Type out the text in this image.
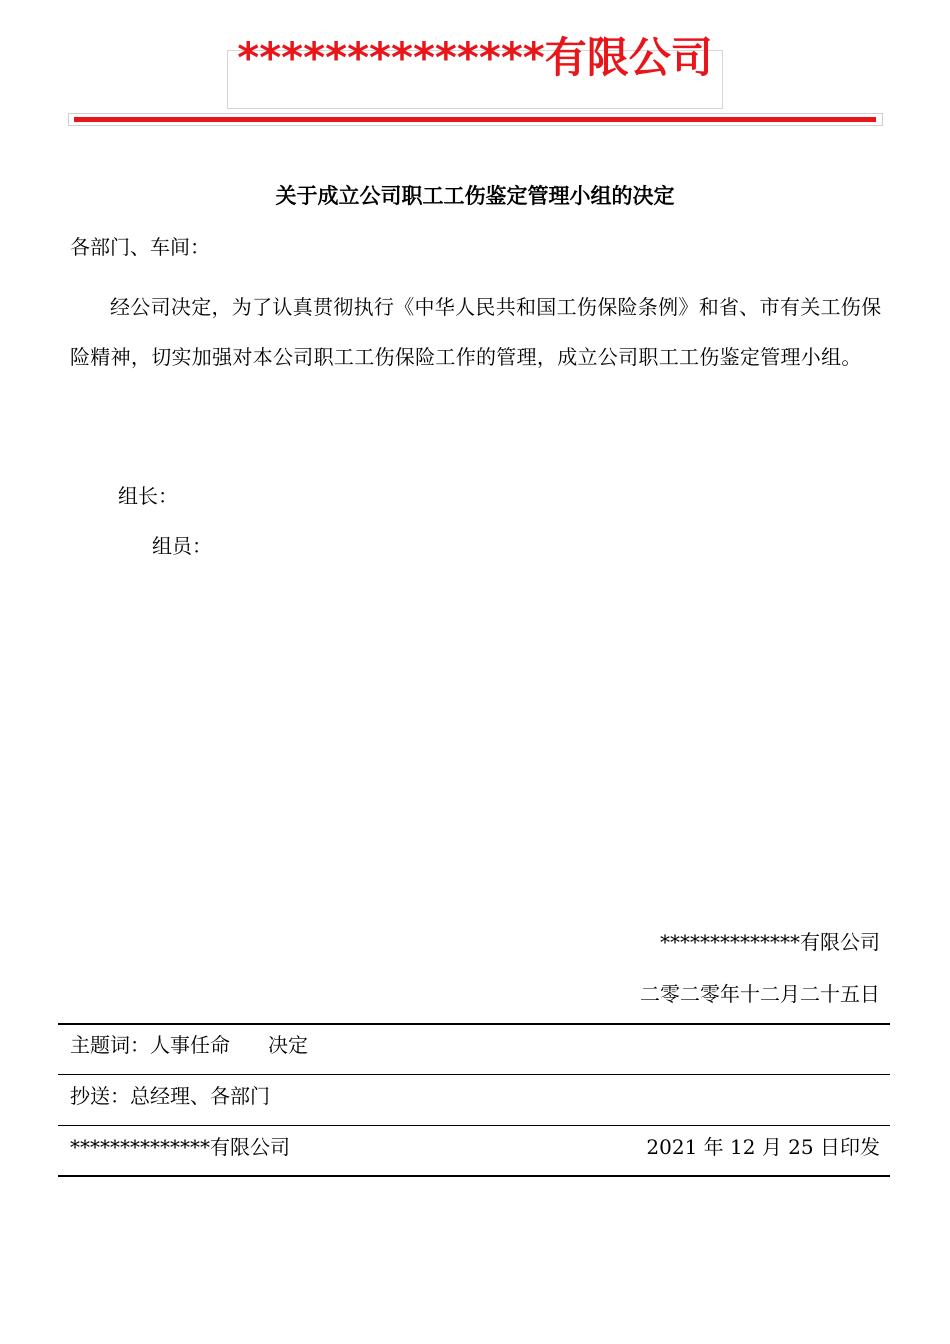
**************有限公司
关于成立公司职工工伤鉴定管理小组的决定
各部门、车间：
经公司决定，为了认真贯彻执行《中华人民共和国工伤保险条例》和省、市有关工伤保险精神，切实加强对本公司职工工伤保险工作的管理，成立公司职工工伤鉴定管理小组。
组长：
组员：
**************有限公司
二零二零年十二月二十五日
主题词：人事任命 决定
抄送：总经理、各部门
**************有限公司	2021 年 12 月 25 日印发
